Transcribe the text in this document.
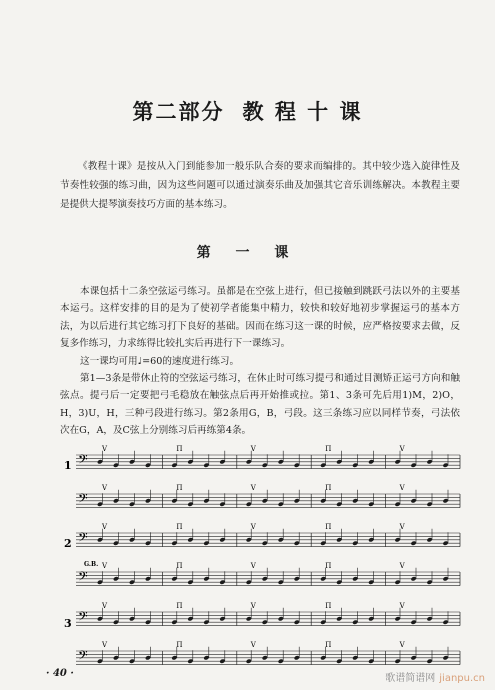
第二部分 教 程 十 课

《教程十课》是按从入门到能参加一般乐队合奏的要求而编排的。其中较少选入旋律性及节奏性较强的练习曲，因为这些问题可以通过演奏乐曲及加强其它音乐训练解决。本教程主要是提供大提琴演奏技巧方面的基本练习。

第 一 课

本课包括十二条空弦运弓练习。虽都是在空弦上进行，但已接触到跳跃弓法以外的主要基本运弓。这样安排的目的是为了使初学者能集中精力，较快和较好地初步掌握运弓的基本方法，为以后进行其它练习打下良好的基础。因而在练习这一课的时候，应严格按要求去做，反复多作练习，力求练得比较扎实后再进行下一课练习。

这一课均可用♩=60的速度进行练习。

第1—3条是带休止符的空弦运弓练习，在休止时可练习提弓和通过目测矫正运弓方向和触弦点。提弓后一定要把弓毛稳放在触弦点后再开始推或拉。第1、3条可先后用1)M，2)O，H，3)U，H，三种弓段进行练习。第2条用G，B，弓段。这三条练习应以同样节奏，弓法依次在G，A，及C弦上分别练习后再练第4条。

1
2
3
G.B.
𝄢
𝄢
𝄢
𝄢
𝄢
𝄢
V	Π	V	Π	V
V	Π	V	Π	V
V	Π	V	Π	V
V	Π	V	Π	V
V	Π	V	Π	V
V	Π	V	Π	V
· 40 ·	歌谱简谱网 jianpu.cn
